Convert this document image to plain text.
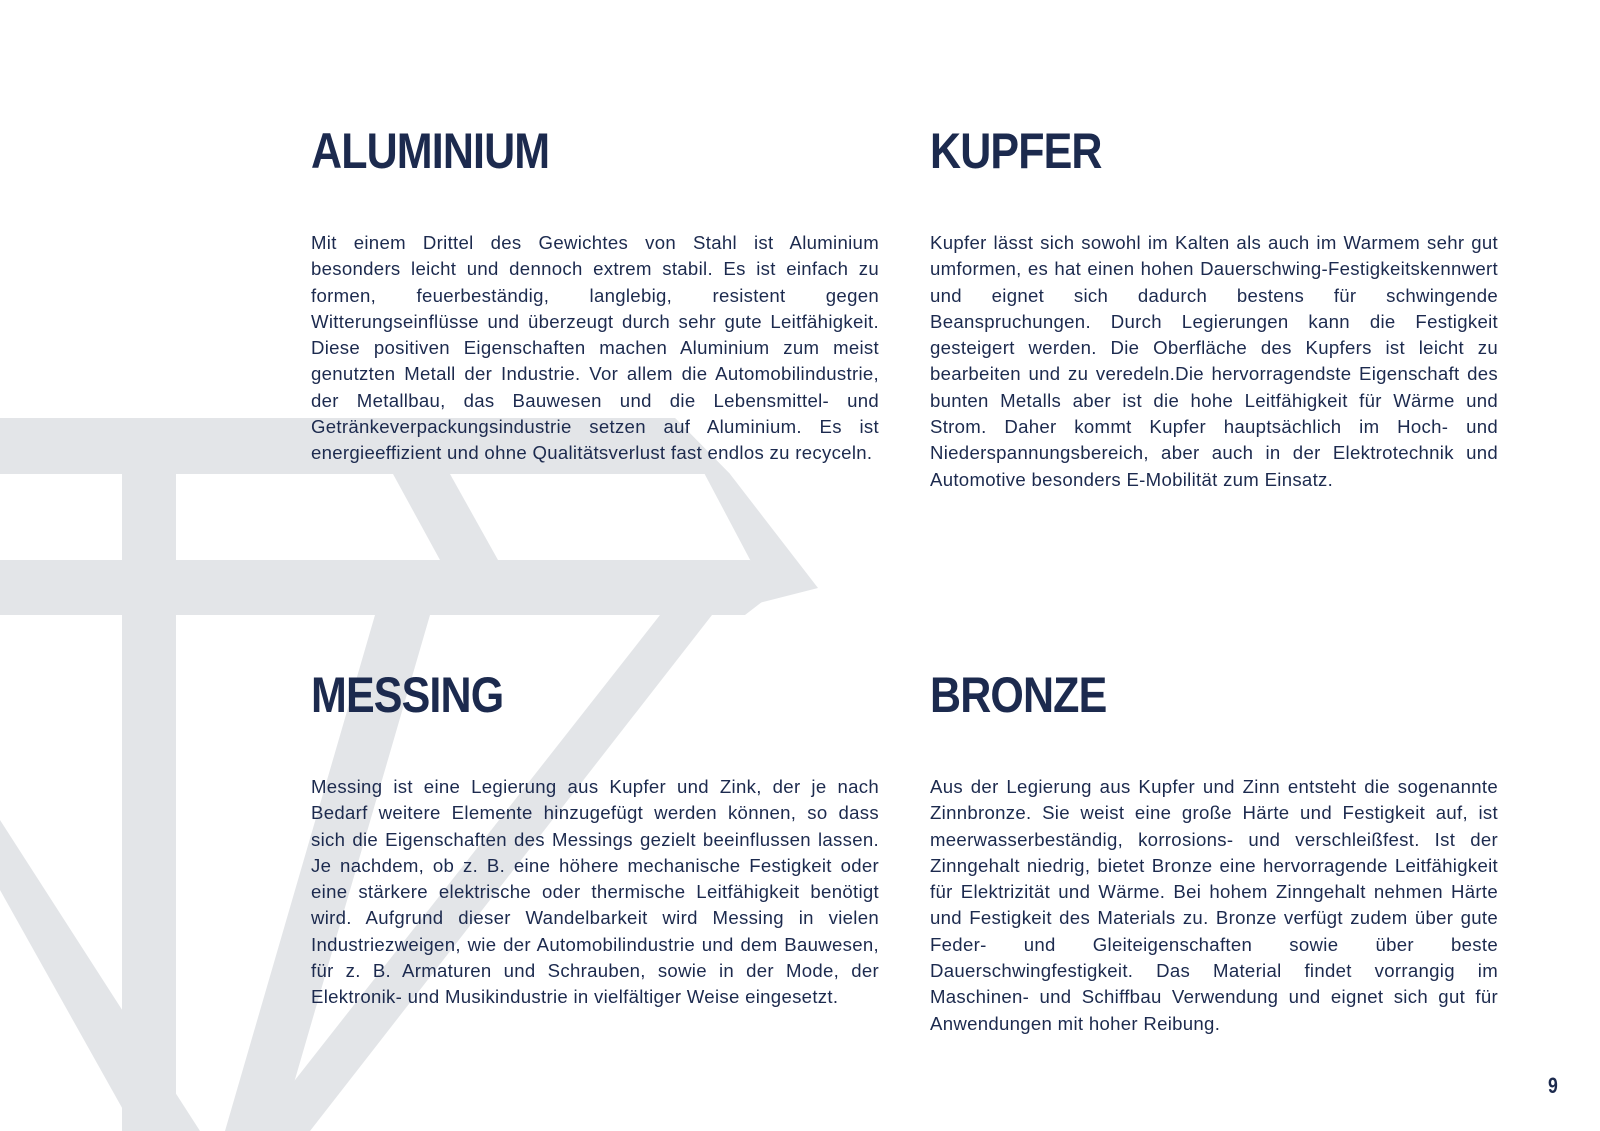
ALUMINIUM

Mit einem Drittel des Gewichtes von Stahl ist Aluminium besonders leicht und dennoch extrem stabil. Es ist einfach zu formen, feuerbeständig, langlebig, resistent gegen Witterungseinflüsse und überzeugt durch sehr gute Leitfähigkeit. Diese positiven Eigenschaften machen Aluminium zum meist genutzten Metall der Industrie. Vor allem die Automobilindustrie, der Metallbau, das Bauwesen und die Lebensmittel- und Getränkeverpackungsindustrie setzen auf Aluminium. Es ist energieeffizient und ohne Qualitätsverlust fast endlos zu recyceln.

KUPFER

Kupfer lässt sich sowohl im Kalten als auch im Warmem sehr gut umformen, es hat einen hohen Dauerschwing-Festigkeitskennwert und eignet sich dadurch bestens für schwingende Beanspruchungen. Durch Legierungen kann die Festigkeit gesteigert werden. Die Oberfläche des Kupfers ist leicht zu bearbeiten und zu veredeln.Die hervorragendste Eigenschaft des bunten Metalls aber ist die hohe Leitfähigkeit für Wärme und Strom. Daher kommt Kupfer hauptsächlich im Hoch- und Niederspannungsbereich, aber auch in der Elektrotechnik und Automotive besonders E-Mobilität zum Einsatz.

MESSING

Messing ist eine Legierung aus Kupfer und Zink, der je nach Bedarf weitere Elemente hinzugefügt werden können, so dass sich die Eigenschaften des Messings gezielt beeinflussen lassen. Je nachdem, ob z. B. eine höhere mechanische Festigkeit oder eine stärkere elektrische oder thermische Leitfähigkeit benötigt wird. Aufgrund dieser Wandelbarkeit wird Messing in vielen Industriezweigen, wie der Automobilindustrie und dem Bauwesen, für z. B. Armaturen und Schrauben, sowie in der Mode, der Elektronik- und Musikindustrie in vielfältiger Weise eingesetzt.

BRONZE

Aus der Legierung aus Kupfer und Zinn entsteht die sogenannte Zinnbronze. Sie weist eine große Härte und Festigkeit auf, ist meerwasserbeständig, korrosions- und verschleißfest. Ist der Zinngehalt niedrig, bietet Bronze eine hervorragende Leitfähigkeit für Elektrizität und Wärme. Bei hohem Zinngehalt nehmen Härte und Festigkeit des Materials zu. Bronze verfügt zudem über gute Feder- und Gleiteigenschaften sowie über beste Dauerschwingfestigkeit. Das Material findet vorrangig im Maschinen- und Schiffbau Verwendung und eignet sich gut für Anwendungen mit hoher Reibung.

9
